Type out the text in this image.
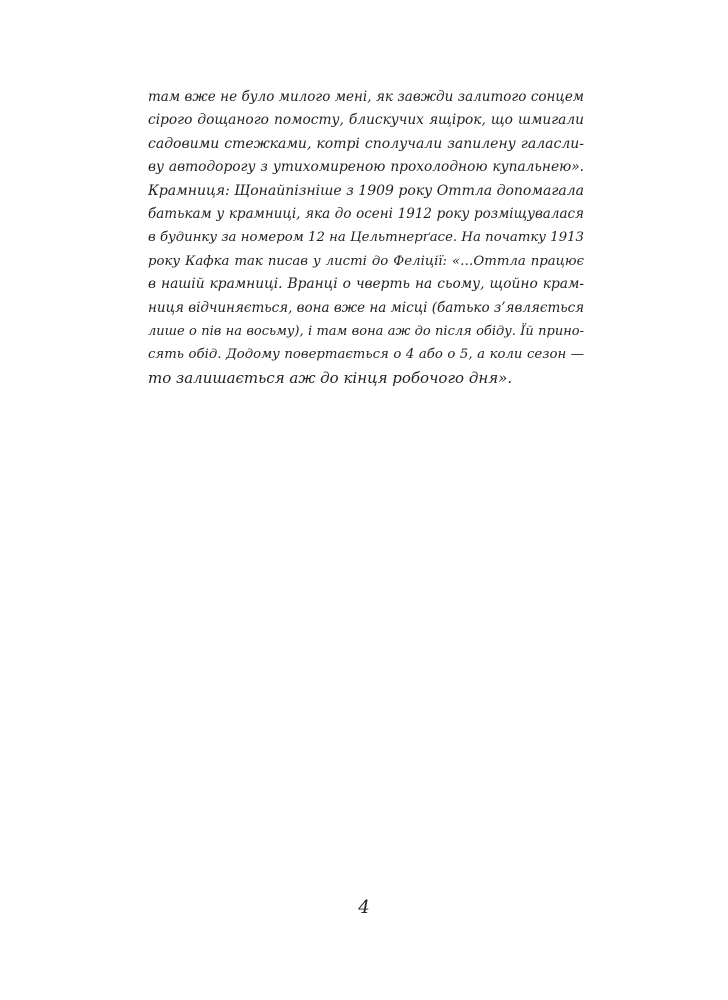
там вже не було милого мені, як завжди залитого сонцем
сірого дощаного помосту, блискучих ящірок, що шмигали
садовими стежками, котрі сполучали запилену галасли-
ву автодорогу з утихомиреною прохолодною купальнею».
Крамниця: Щонайпізніше з 1909 року Оттла допомагала
батькам у крамниці, яка до осені 1912 року розміщувалася
в будинку за номером 12 на Цельтнерґасе. На початку 1913
року Кафка так писав у листі до Феліції: «…Оттла працює
в нашій крамниці. Вранці о чверть на сьому, щойно крам-
ниця відчиняється, вона вже на місці (батько з’являється
лише о пів на восьму), і там вона аж до після обіду. Їй прино-
сять обід. Додому повертається о 4 або о 5, а коли сезон —
то залишається аж до кінця робочого дня».
4
